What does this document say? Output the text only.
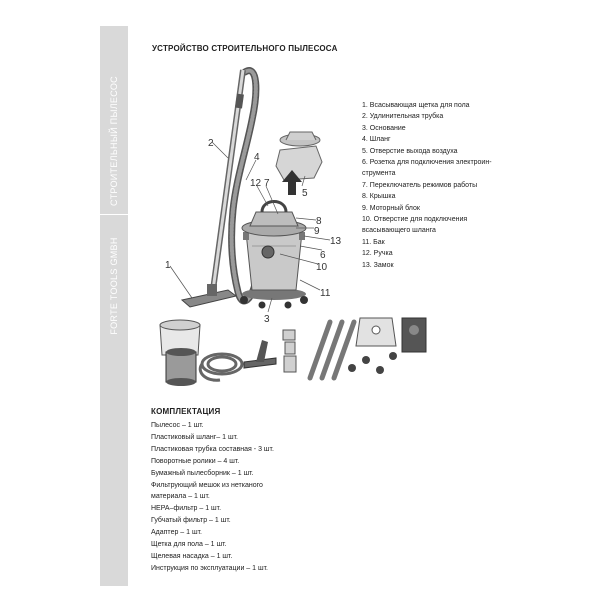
СТРОИТЕЛЬНЫЙ ПЫЛЕСОС
FORTE TOOLS GMBH
УСТРОЙСТВО СТРОИТЕЛЬНОГО ПЫЛЕСОСА
1
2
3
4
5
6
7
8
9
10
11
12
13
1. Всасывающая щетка для пола
2. Удлинительная трубка
3. Основание
4. Шланг
5. Отверстие выхода воздуха
6. Розетка для подключения электроин-
струмента
7. Переключатель режимов работы
8. Крышка
9. Моторный блок
10. Отверстие для подключения
всасывающего шланга
11. Бак
12. Ручка
13. Замок
КОМПЛЕКТАЦИЯ
Пылесос – 1 шт.
Пластиковый шланг– 1 шт.
Пластиковая трубка составная - 3 шт.
Поворотные ролики – 4 шт.
Бумажный пылесборник – 1 шт.
Фильтрующий мешок из нетканого
материала – 1 шт.
НЕРА–фильтр – 1 шт.
Губчатый фильтр – 1 шт.
Адаптер – 1 шт.
Щетка для пола – 1 шт.
Щелевая насадка – 1 шт.
Инструкция по эксплуатации – 1 шт.
